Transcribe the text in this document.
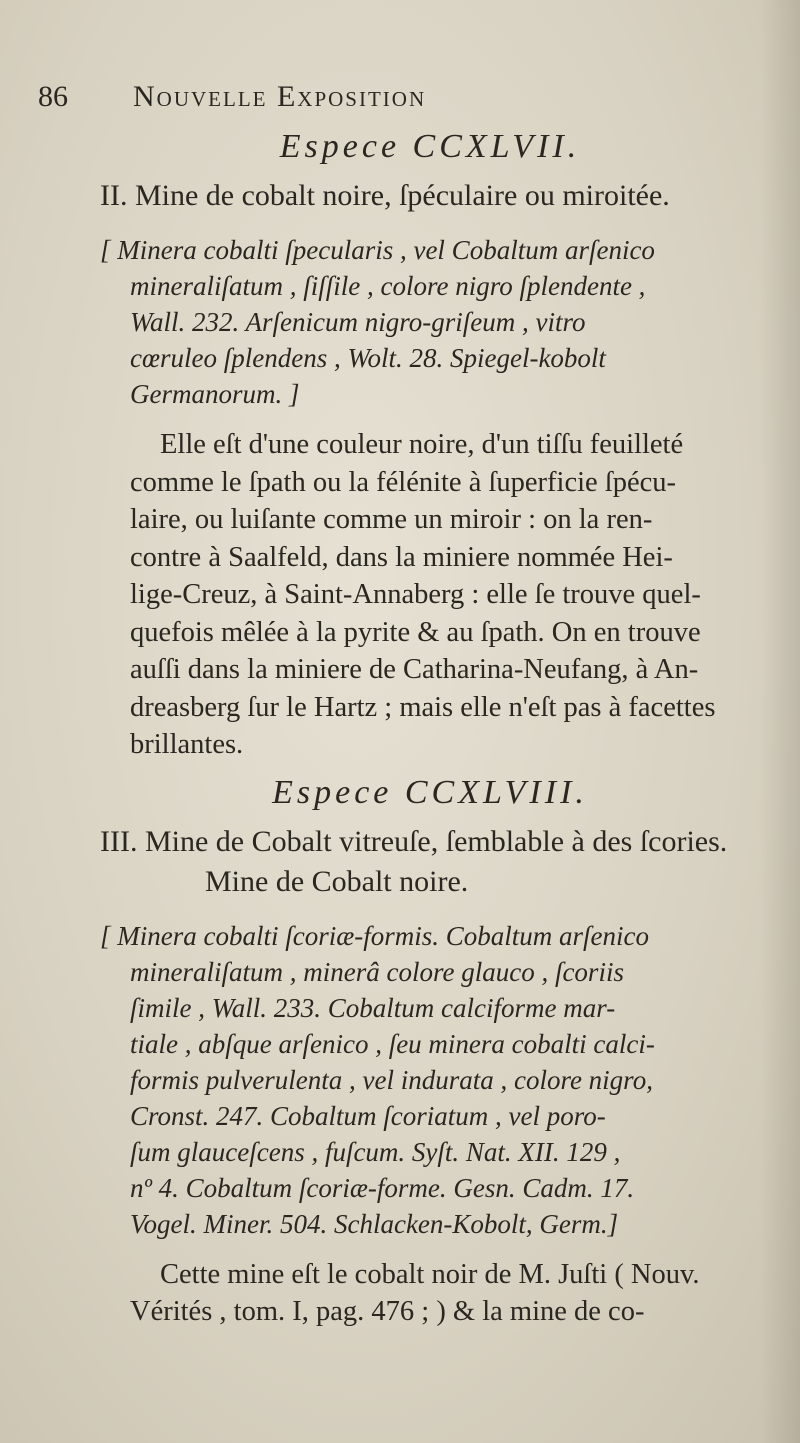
86 Nouvelle Exposition
Espece CCXLVII.
II. Mine de cobalt noire, ſpéculaire ou miroitée.
[ Minera cobalti ſpecularis , vel Cobaltum arſenico
mineraliſatum , ſiſſile , colore nigro ſplendente ,
Wall. 232. Arſenicum nigro-griſeum , vitro
cœruleo ſplendens , Wolt. 28. Spiegel-kobolt
Germanorum. ]
Elle eſt d'une couleur noire, d'un tiſſu feuilleté
comme le ſpath ou la félénite à ſuperficie ſpécu-
laire, ou luiſante comme un miroir : on la ren-
contre à Saalfeld, dans la miniere nommée Hei-
lige-Creuz, à Saint-Annaberg : elle ſe trouve quel-
quefois mêlée à la pyrite & au ſpath. On en trouve
auſſi dans la miniere de Catharina-Neufang, à An-
dreasberg ſur le Hartz ; mais elle n'eſt pas à facettes
brillantes.
Espece CCXLVIII.
III. Mine de Cobalt vitreuſe, ſemblable à des ſcories.
Mine de Cobalt noire.
[ Minera cobalti ſcoriæ-formis. Cobaltum arſenico
mineraliſatum , minerâ colore glauco , ſcoriis
ſimile , Wall. 233. Cobaltum calciforme mar-
tiale , abſque arſenico , ſeu minera cobalti calci-
formis pulverulenta , vel indurata , colore nigro,
Cronst. 247. Cobaltum ſcoriatum , vel poro-
ſum glauceſcens , fuſcum. Syſt. Nat. XII. 129 ,
nº 4. Cobaltum ſcoriæ-forme. Gesn. Cadm. 17.
Vogel. Miner. 504. Schlacken-Kobolt, Germ.]
Cette mine eſt le cobalt noir de M. Juſti ( Nouv.
Vérités , tom. I, pag. 476 ; ) & la mine de co-
